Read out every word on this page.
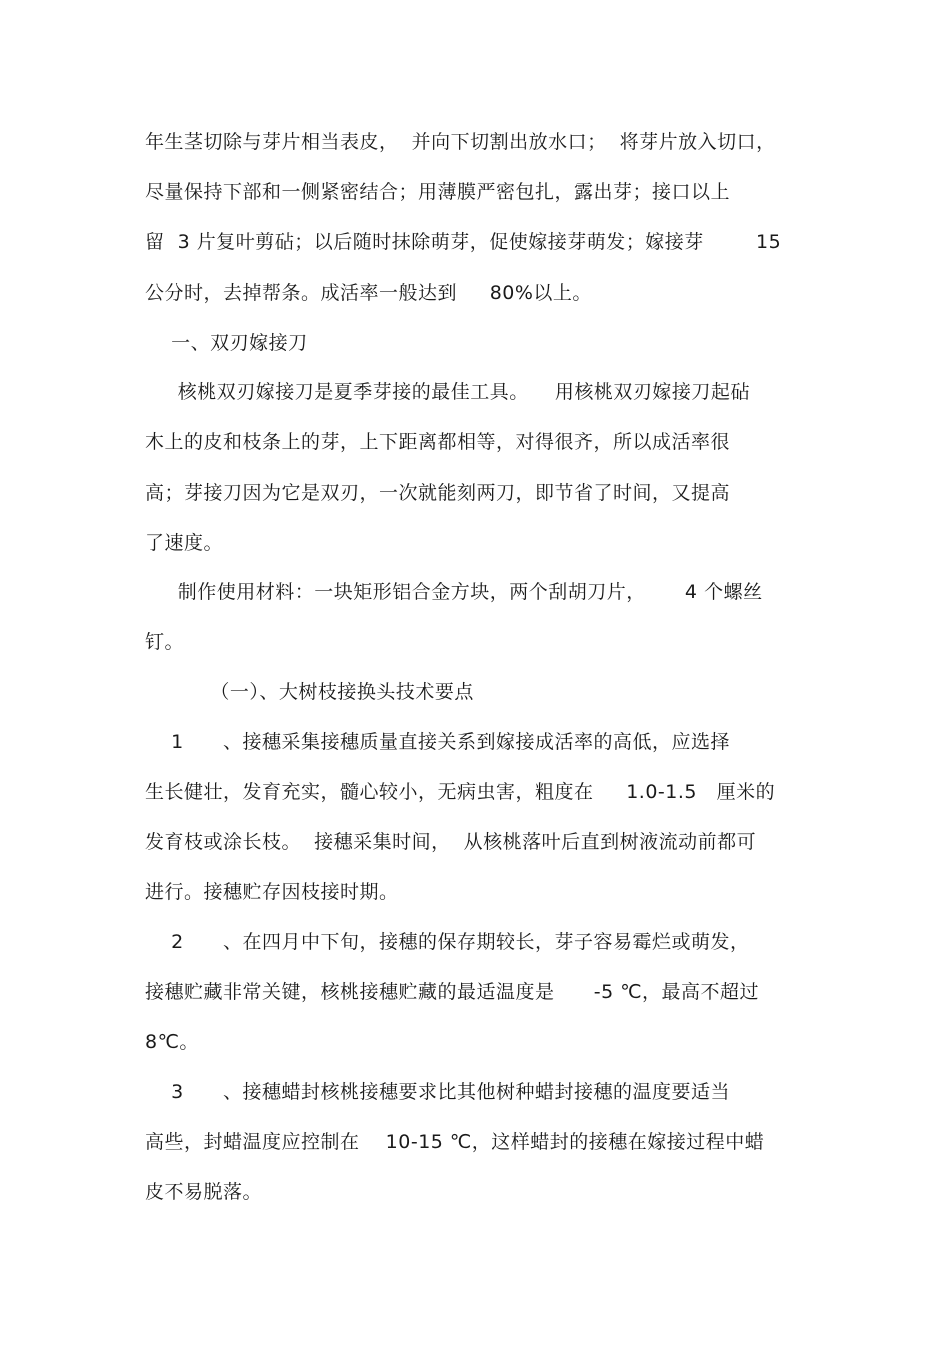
年生茎切除与芽片相当表皮，  并向下切割出放水口；  将芽片放入切口，
尽量保持下部和一侧紧密结合；用薄膜严密包扎，露出芽；接口以上
留  3 片复叶剪砧；以后随时抹除萌芽，促使嫁接芽萌发；嫁接芽        15
公分时，去掉帮条。成活率一般达到     80%以上。
一、双刃嫁接刀
核桃双刃嫁接刀是夏季芽接的最佳工具。    用核桃双刃嫁接刀起砧
木上的皮和枝条上的芽，上下距离都相等，对得很齐，所以成活率很
高；芽接刀因为它是双刃，一次就能刻两刀，即节省了时间，又提高
了速度。
制作使用材料：一块矩形铝合金方块，两个刮胡刀片，      4 个螺丝
钉。
（一）、大树枝接换头技术要点
1      、接穗采集接穗质量直接关系到嫁接成活率的高低，应选择
生长健壮，发育充实，髓心较小，无病虫害，粗度在     1.0-1.5   厘米的
发育枝或涂长枝。  接穗采集时间，  从核桃落叶后直到树液流动前都可
进行。接穗贮存因枝接时期。
2      、在四月中下旬，接穗的保存期较长，芽子容易霉烂或萌发，
接穗贮藏非常关键，核桃接穗贮藏的最适温度是      -5 ℃，最高不超过
8℃。
3      、接穗蜡封核桃接穗要求比其他树种蜡封接穗的温度要适当
高些，封蜡温度应控制在    10-15 ℃，这样蜡封的接穗在嫁接过程中蜡
皮不易脱落。
